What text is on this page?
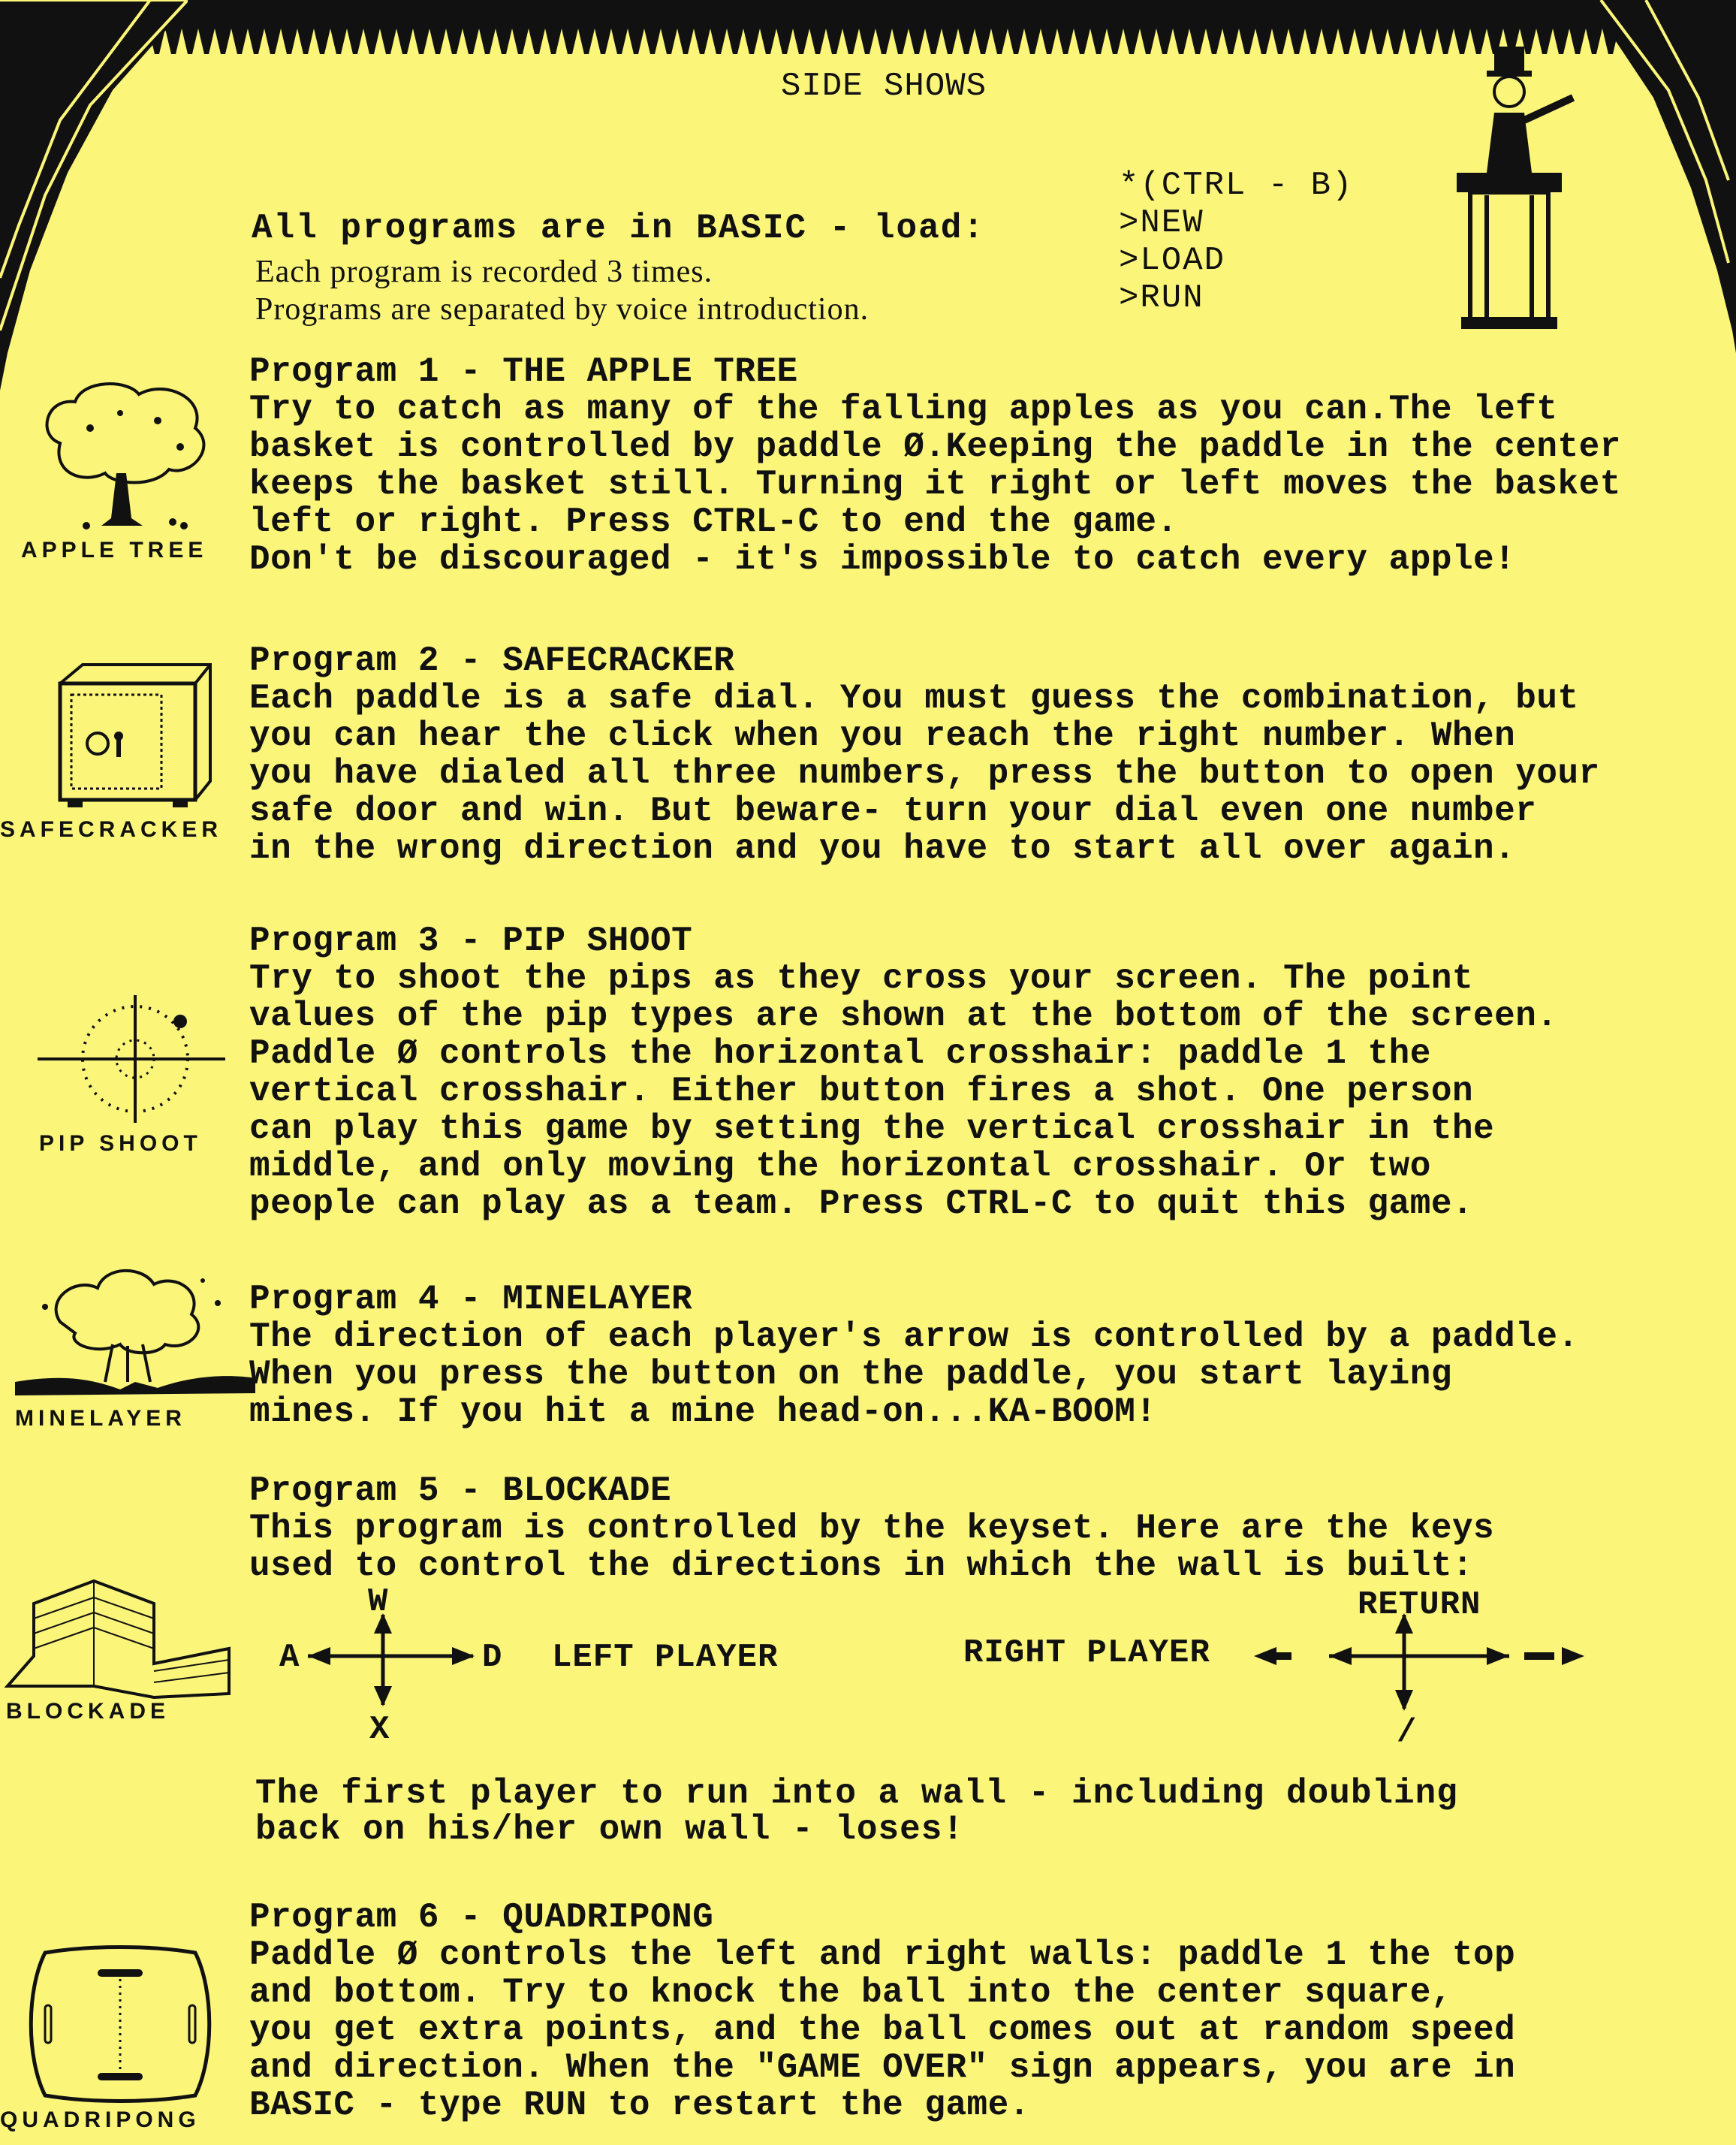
SIDE SHOWS
All programs are in BASIC - load:
Each program is recorded 3 times.
Programs are separated by voice introduction.
*(CTRL - B)
>NEW
>LOAD
>RUN
APPLE TREE
Program 1 - THE APPLE TREE
Try to catch as many of the falling apples as you can.The left
basket is controlled by paddle Ø.Keeping the paddle in the center
keeps the basket still. Turning it right or left moves the basket
left or right. Press CTRL-C to end the game.
Don't be discouraged - it's impossible to catch every apple!
SAFECRACKER
Program 2 - SAFECRACKER
Each paddle is a safe dial. You must guess the combination, but
you can hear the click when you reach the right number. When
you have dialed all three numbers, press the button to open your
safe door and win. But beware- turn your dial even one number
in the wrong direction and you have to start all over again.
PIP SHOOT
Program 3 - PIP SHOOT
Try to shoot the pips as they cross your screen. The point
values of the pip types are shown at the bottom of the screen.
Paddle Ø controls the horizontal crosshair: paddle 1 the
vertical crosshair. Either button fires a shot. One person
can play this game by setting the vertical crosshair in the
middle, and only moving the horizontal crosshair. Or two
people can play as a team. Press CTRL-C to quit this game.
MINELAYER
Program 4 - MINELAYER
The direction of each player's arrow is controlled by a paddle.
When you press the button on the paddle, you start laying
mines. If you hit a mine head-on...KA-BOOM!
BLOCKADE
Program 5 - BLOCKADE
This program is controlled by the keyset. Here are the keys
used to control the directions in which the wall is built:
W
A	D
X
LEFT PLAYER	RIGHT PLAYER
RETURN
/
The first player to run into a wall - including doubling
back on his/her own wall - loses!
QUADRIPONG
Program 6 - QUADRIPONG
Paddle Ø controls the left and right walls: paddle 1 the top
and bottom. Try to knock the ball into the center square,
you get extra points, and the ball comes out at random speed
and direction. When the "GAME OVER" sign appears, you are in
BASIC - type RUN to restart the game.
